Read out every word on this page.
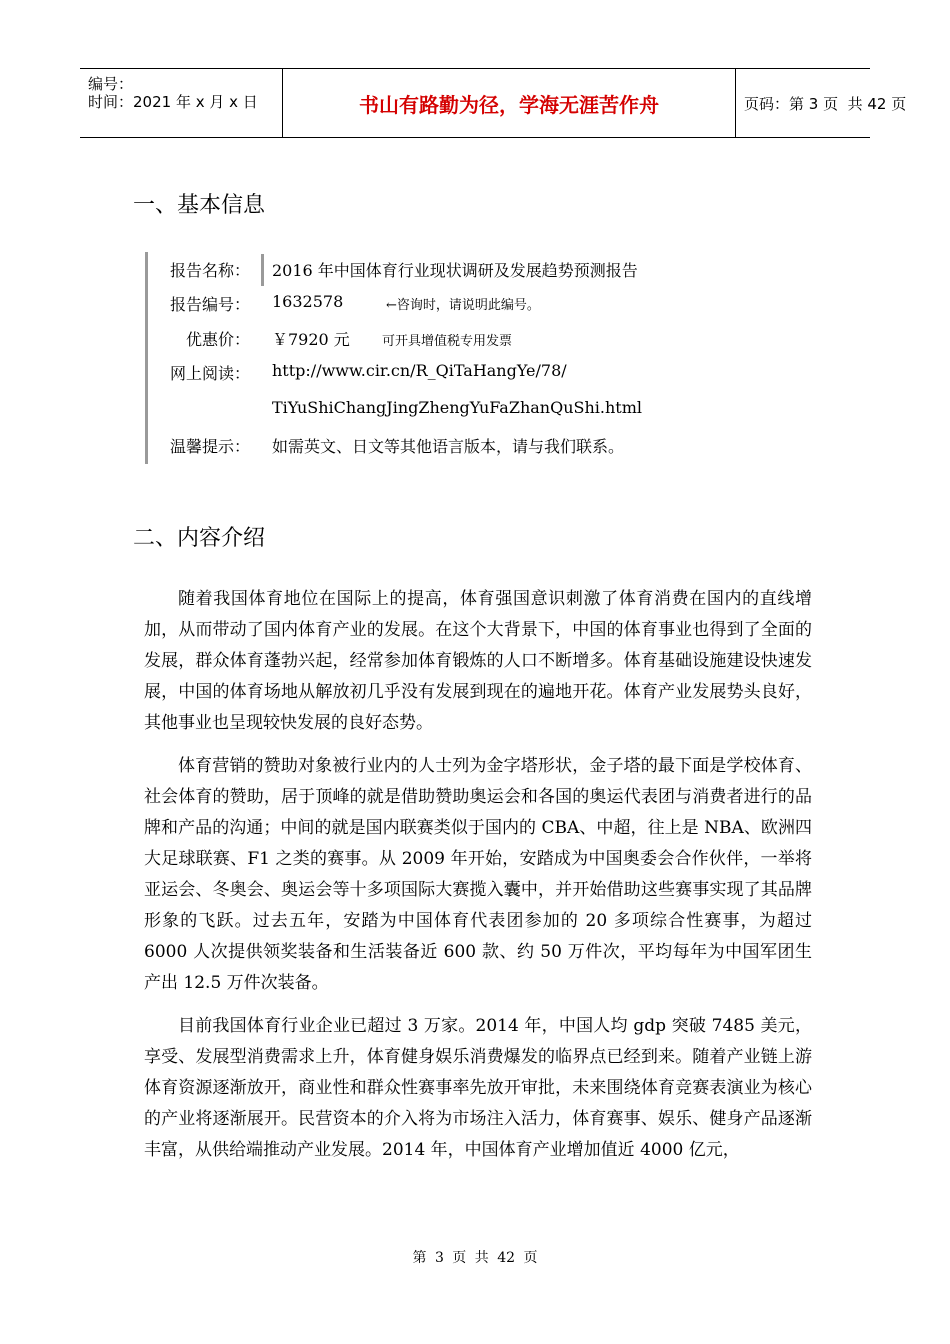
编号：
时间：2021 年 x 月 x 日	书山有路勤为径，学海无涯苦作舟	页码：第 3 页  共 42 页
一、基本信息
报告名称： 2016 年中国体育行业现状调研及发展趋势预测报告
报告编号： 1632578	←咨询时，请说明此编号。
优惠价： ￥7920 元 可开具增值税专用发票
网上阅读： http://www.cir.cn/R_QiTaHangYe/78/
TiYuShiChangJingZhengYuFaZhanQuShi.html
温馨提示： 如需英文、日文等其他语言版本，请与我们联系。
二、内容介绍

随着我国体育地位在国际上的提高，体育强国意识刺激了体育消费在国内的直线增加，从而带动了国内体育产业的发展。在这个大背景下，中国的体育事业也得到了全面的发展，群众体育蓬勃兴起，经常参加体育锻炼的人口不断增多。体育基础设施建设快速发展，中国的体育场地从解放初几乎没有发展到现在的遍地开花。体育产业发展势头良好，其他事业也呈现较快发展的良好态势。

体育营销的赞助对象被行业内的人士列为金字塔形状，金子塔的最下面是学校体育、社会体育的赞助，居于顶峰的就是借助赞助奥运会和各国的奥运代表团与消费者进行的品牌和产品的沟通；中间的就是国内联赛类似于国内的 CBA、中超，往上是 NBA、欧洲四大足球联赛、F1 之类的赛事。从 2009 年开始，安踏成为中国奥委会合作伙伴，一举将亚运会、冬奥会、奥运会等十多项国际大赛揽入囊中，并开始借助这些赛事实现了其品牌形象的飞跃。过去五年，安踏为中国体育代表团参加的 20 多项综合性赛事，为超过 6000 人次提供领奖装备和生活装备近 600 款、约 50 万件次，平均每年为中国军团生产出 12.5 万件次装备。

目前我国体育行业企业已超过 3 万家。2014 年，中国人均 gdp 突破 7485 美元，享受、发展型消费需求上升，体育健身娱乐消费爆发的临界点已经到来。随着产业链上游体育资源逐渐放开，商业性和群众性赛事率先放开审批，未来围绕体育竞赛表演业为核心的产业将逐渐展开。民营资本的介入将为市场注入活力，体育赛事、娱乐、健身产品逐渐丰富，从供给端推动产业发展。2014 年，中国体育产业增加值近 4000 亿元，

第 3 页 共 42 页
